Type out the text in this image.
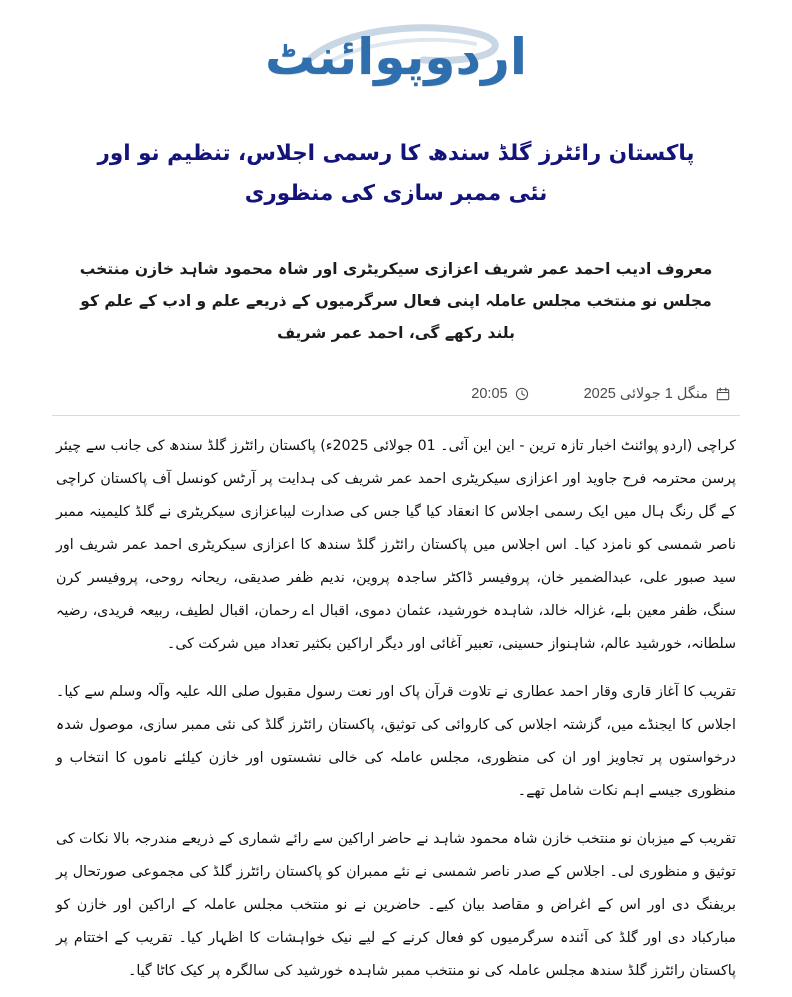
اردوپوائنٹ
پاکستان رائٹرز گلڈ سندھ کا رسمی اجلاس، تنظیم نو اور نئی ممبر سازی کی منظوری
معروف ادیب احمد عمر شریف اعزازی سیکریٹری اور شاہ محمود شاہد خازن منتخب مجلس نو منتخب مجلس عاملہ اپنی فعال سرگرمیوں کے ذریعے علم و ادب کے علم کو بلند رکھے گی، احمد عمر شریف
منگل 1 جولائی 2025
20:05

کراچی (اردو پوائنٹ اخبار تازہ ترین - این این آئی۔ 01 جولائی 2025ء) پاکستان رائٹرز گلڈ سندھ کی جانب سے چیئر پرسن محترمہ فرح جاوید اور اعزازی سیکریٹری احمد عمر شریف کی ہدایت پر آرٹس کونسل آف پاکستان کراچی کے گل رنگ ہال میں ایک رسمی اجلاس کا انعقاد کیا گیا جس کی صدارت لیباعزازی سیکریٹری نے گلڈ کلیمینہ ممبر ناصر شمسی کو نامزد کیا۔ اس اجلاس میں پاکستان رائٹرز گلڈ سندھ کا اعزازی سیکریٹری احمد عمر شریف اور سید صبور علی، عبدالضمیر خان، پروفیسر ڈاکٹر ساجدہ پروین، ندیم ظفر صدیقی، ریحانہ روحی، پروفیسر کرن سنگ، ظفر معین بلے، غزالہ خالد، شاہدہ خورشید، عثمان دموی، اقبال اے رحمان، اقبال لطیف، ربیعہ فریدی، رضیہ سلطانہ، خورشید عالم، شاہنواز حسینی، تعبیر آغائی اور دیگر اراکین بکثیر تعداد میں شرکت کی۔

تقریب کا آغاز قاری وقار احمد عطاری نے تلاوت قرآن پاک اور نعت رسول مقبول صلی اللہ علیہ وآلہ وسلم سے کیا۔ اجلاس کا ایجنڈے میں، گزشتہ اجلاس کی کاروائی کی توثیق، پاکستان رائٹرز گلڈ کی نئی ممبر سازی، موصول شدہ درخواستوں پر تجاویز اور ان کی منظوری، مجلس عاملہ کی خالی نشستوں اور خازن کیلئے ناموں کا انتخاب و منظوری جیسے اہم نکات شامل تھے۔

تقریب کے میزبان نو منتخب خازن شاہ محمود شاہد نے حاضر اراکین سے رائے شماری کے ذریعے مندرجہ بالا نکات کی توثیق و منظوری لی۔ اجلاس کے صدر ناصر شمسی نے نئے ممبران کو پاکستان رائٹرز گلڈ کی مجموعی صورتحال پر بریفنگ دی اور اس کے اغراض و مقاصد بیان کیے۔ حاضرین نے نو منتخب مجلس عاملہ کے اراکین اور خازن کو مبارکباد دی اور گلڈ کی آئندہ سرگرمیوں کو فعال کرنے کے لیے نیک خواہشات کا اظہار کیا۔ تقریب کے اختتام پر پاکستان رائٹرز گلڈ سندھ مجلس عاملہ کی نو منتخب ممبر شاہدہ خورشید کی سالگرہ پر کیک کاٹا گیا۔
